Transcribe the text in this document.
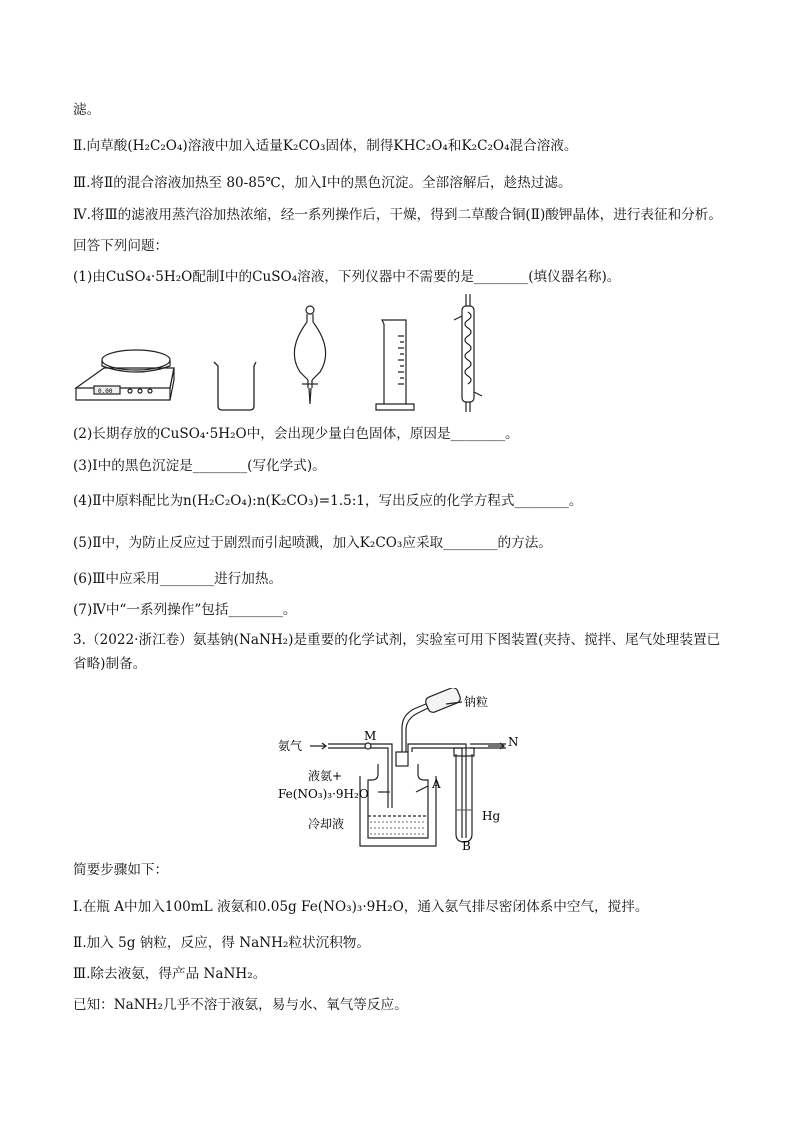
滤。
Ⅱ.向草酸(H₂C₂O₄)溶液中加入适量K₂CO₃固体，制得KHC₂O₄和K₂C₂O₄混合溶液。
Ⅲ.将Ⅱ的混合溶液加热至 80-85℃，加入Ⅰ中的黑色沉淀。全部溶解后，趁热过滤。
Ⅳ.将Ⅲ的滤液用蒸汽浴加热浓缩，经一系列操作后，干燥，得到二草酸合铜(Ⅱ)酸钾晶体，进行表征和分析。
回答下列问题：
(1)由CuSO₄·5H₂O配制Ⅰ中的CuSO₄溶液，下列仪器中不需要的是________(填仪器名称)。
0.00
(2)长期存放的CuSO₄·5H₂O中，会出现少量白色固体，原因是________。
(3)Ⅰ中的黑色沉淀是________(写化学式)。
(4)Ⅱ中原料配比为n(H₂C₂O₄):n(K₂CO₃)=1.5:1，写出反应的化学方程式________。
(5)Ⅱ中，为防止反应过于剧烈而引起喷溅，加入K₂CO₃应采取________的方法。
(6)Ⅲ中应采用________进行加热。
(7)Ⅳ中“一系列操作”包括________。
3.（2022·浙江卷）氨基钠(NaNH₂)是重要的化学试剂，实验室可用下图装置(夹持、搅拌、尾气处理装置已省略)制备。
钠粒
氨气
M	N
液氨+
Fe(NO₃)₃·9H₂O
A
Hg
B
冷却液
简要步骤如下：
Ⅰ.在瓶 A中加入100mL 液氨和0.05g Fe(NO₃)₃·9H₂O，通入氨气排尽密闭体系中空气，搅拌。
Ⅱ.加入 5g 钠粒，反应，得 NaNH₂粒状沉积物。
Ⅲ.除去液氨，得产品 NaNH₂。
已知：NaNH₂几乎不溶于液氨，易与水、氧气等反应。
